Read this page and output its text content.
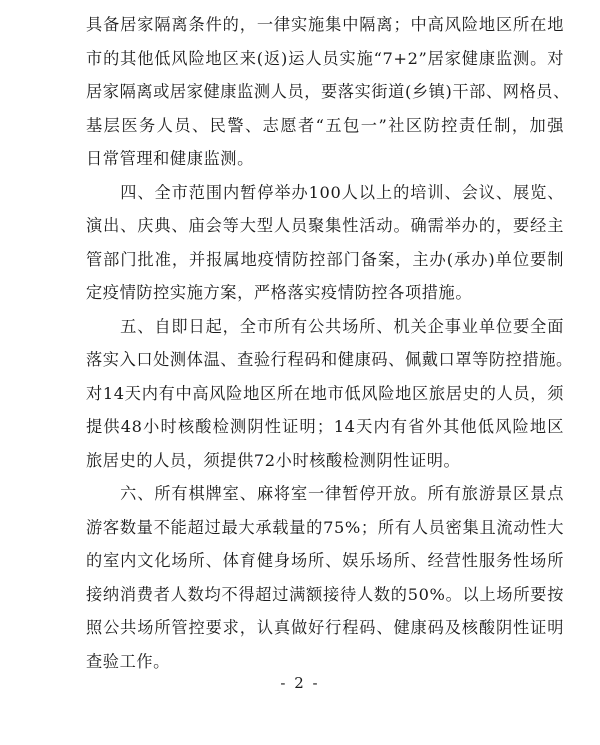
具备居家隔离条件的，一律实施集中隔离；中高风险地区所在地
市的其他低风险地区来(返)运人员实施“7+2”居家健康监测。对
居家隔离或居家健康监测人员，要落实街道(乡镇)干部、网格员、
基层医务人员、民警、志愿者“五包一”社区防控责任制，加强
日常管理和健康监测。
　　四、全市范围内暂停举办100人以上的培训、会议、展览、
演出、庆典、庙会等大型人员聚集性活动。确需举办的，要经主
管部门批准，并报属地疫情防控部门备案，主办(承办)单位要制
定疫情防控实施方案，严格落实疫情防控各项措施。
　　五、自即日起，全市所有公共场所、机关企事业单位要全面
落实入口处测体温、查验行程码和健康码、佩戴口罩等防控措施。
对14天内有中高风险地区所在地市低风险地区旅居史的人员，须
提供48小时核酸检测阴性证明；14天内有省外其他低风险地区
旅居史的人员，须提供72小时核酸检测阴性证明。
　　六、所有棋牌室、麻将室一律暂停开放。所有旅游景区景点
游客数量不能超过最大承载量的75%；所有人员密集且流动性大
的室内文化场所、体育健身场所、娱乐场所、经营性服务性场所
接纳消费者人数均不得超过满额接待人数的50%。以上场所要按
照公共场所管控要求，认真做好行程码、健康码及核酸阴性证明
查验工作。
- 2 -
